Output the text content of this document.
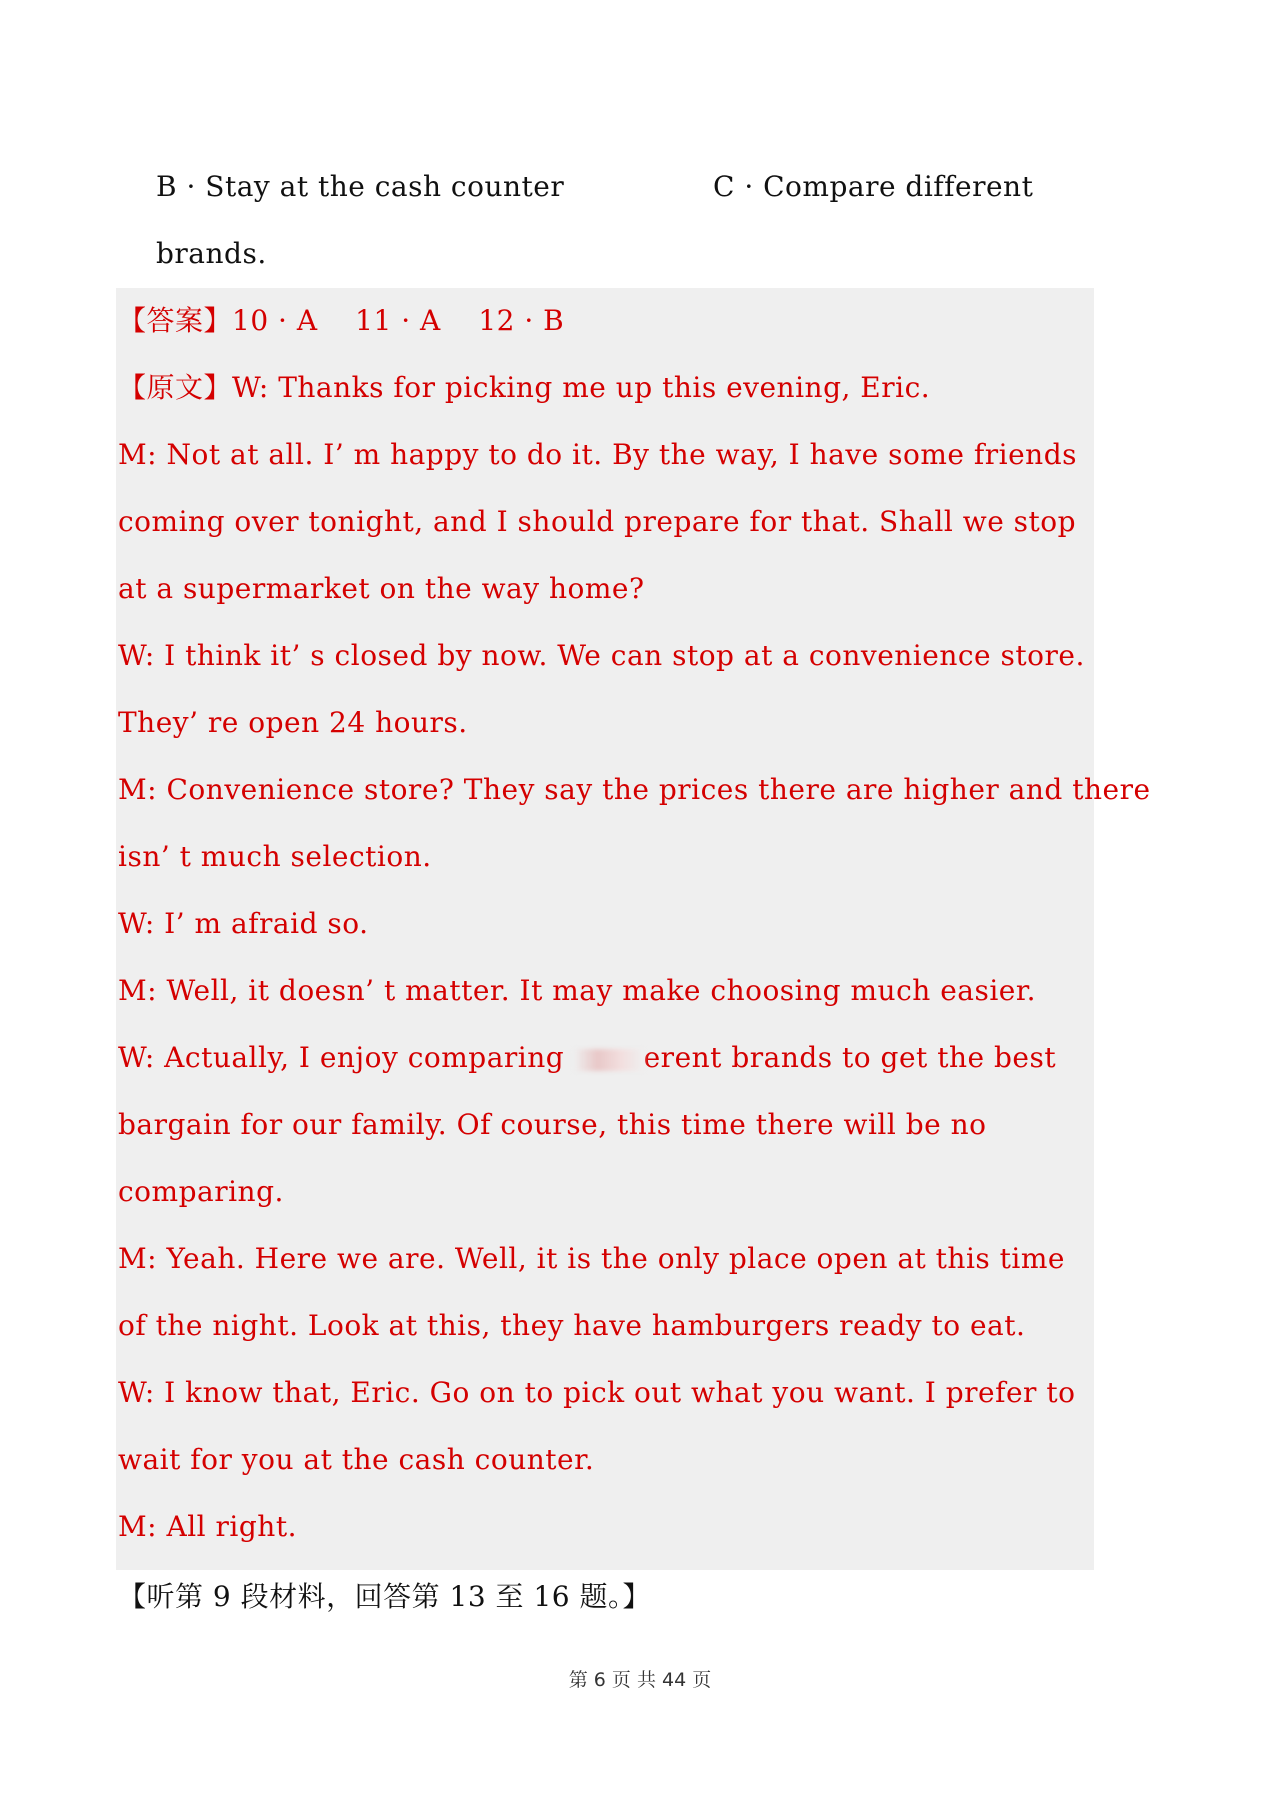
B · Stay at the cash counter	C · Compare different
brands.
【答案】10 · A    11 · A    12 · B
【原文】W: Thanks for picking me up this evening, Eric.
M: Not at all. I’ m happy to do it. By the way, I have some friends
coming over tonight, and I should prepare for that. Shall we stop
at a supermarket on the way home?
W: I think it’ s closed by now. We can stop at a convenience store.
They’ re open 24 hours.
M: Convenience store? They say the prices there are higher and there
isn’ t much selection.
W: I’ m afraid so.
M: Well, it doesn’ t matter. It may make choosing much easier.
W: Actually, I enjoy comparing	erent brands to get the best
bargain for our family. Of course, this time there will be no
comparing.
M: Yeah. Here we are. Well, it is the only place open at this time
of the night. Look at this, they have hamburgers ready to eat.
W: I know that, Eric. Go on to pick out what you want. I prefer to
wait for you at the cash counter.
M: All right.
【听第 9 段材料，回答第 13 至 16 题。】
第 6 页 共 44 页
